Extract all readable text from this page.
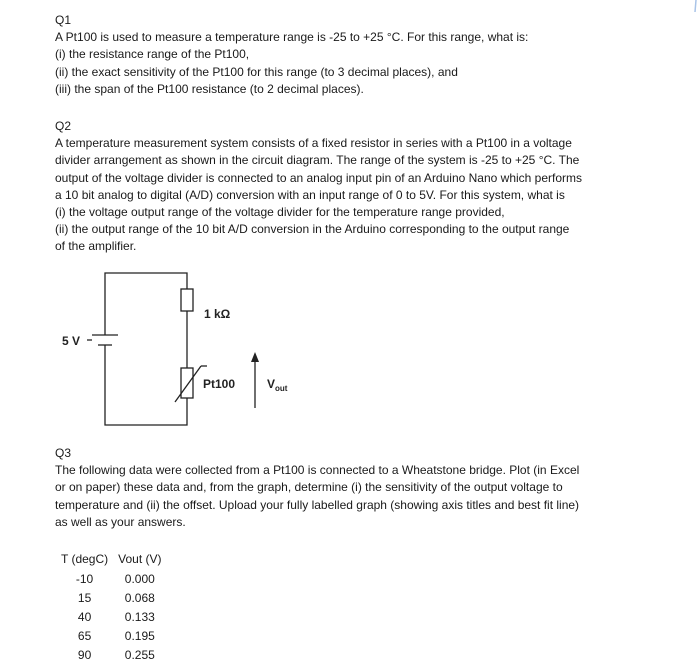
Q1

A Pt100 is used to measure a temperature range is -25 to +25 °C. For this range, what is:

(i) the resistance range of the Pt100,

(ii) the exact sensitivity of the Pt100 for this range (to 3 decimal places), and

(iii) the span of the Pt100 resistance (to 2 decimal places).

Q2

A temperature measurement system consists of a fixed resistor in series with a Pt100 in a voltage

divider arrangement as shown in the circuit diagram. The range of the system is -25 to +25 °C. The

output of the voltage divider is connected to an analog input pin of an Arduino Nano which performs

a 10 bit analog to digital (A/D) conversion with an input range of 0 to 5V. For this system, what is

(i) the voltage output range of the voltage divider for the temperature range provided,

(ii) the output range of the 10 bit A/D conversion in the Arduino corresponding to the output range

of the amplifier.

5 V
1 kΩ
Pt100	$V_{out}$

Q3

The following data were collected from a Pt100 is connected to a Wheatstone bridge. Plot (in Excel

or on paper) these data and, from the graph, determine (i) the sensitivity of the output voltage to

temperature and (ii) the offset. Upload your fully labelled graph (showing axis titles and best fit line)

as well as your answers.

T (degC)	Vout (V)
-10	0.000
15	0.068
40	0.133
65	0.195
90	0.255
